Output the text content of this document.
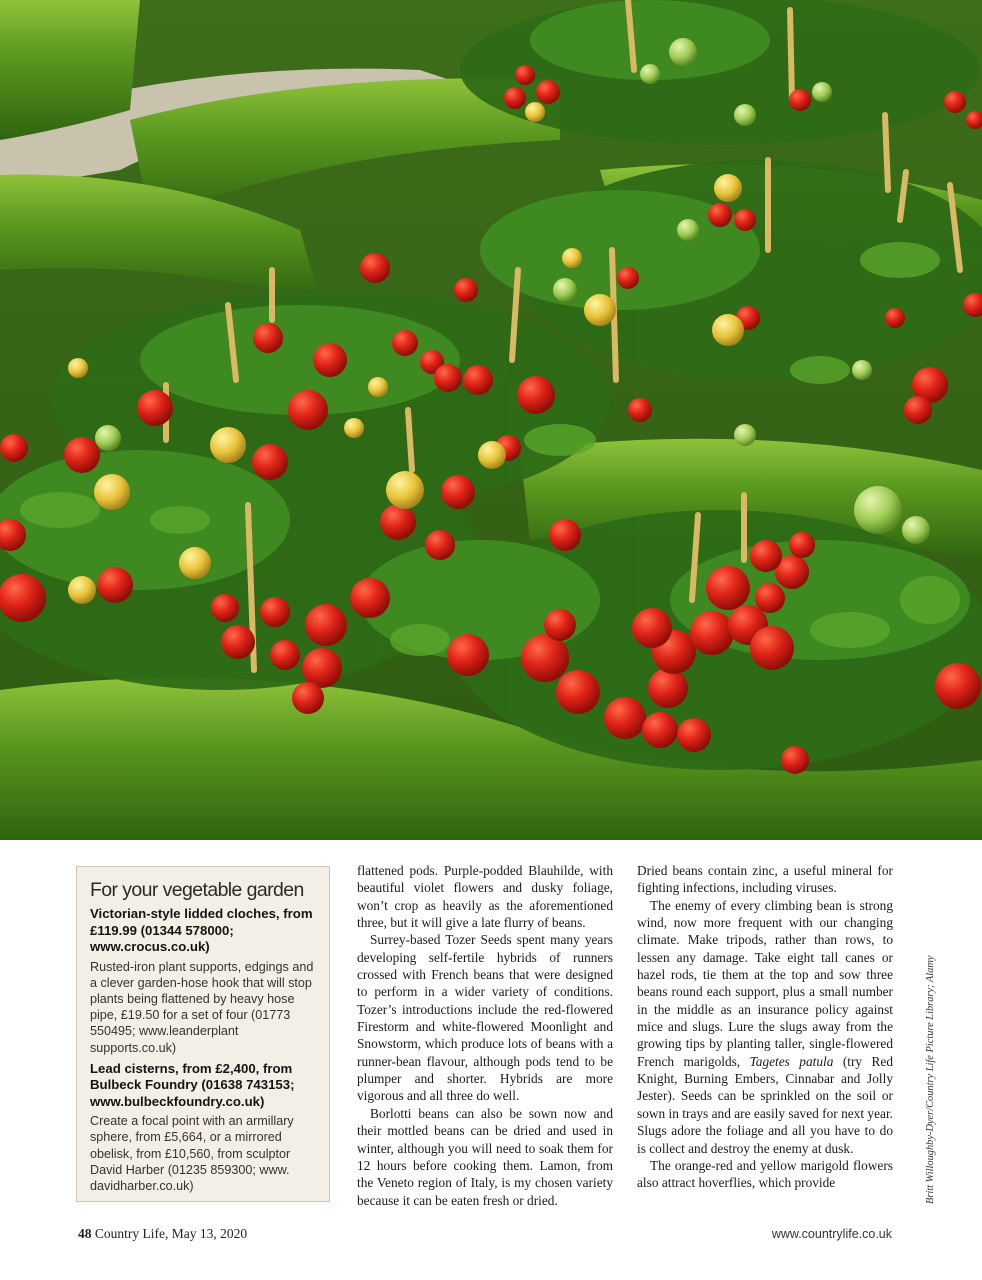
For your vegetable garden

Victorian-style lidded cloches, from £119.99 (01344 578000; www.crocus.co.uk)

Rusted-iron plant supports, edgings and a clever garden-hose hook that will stop plants being flattened by heavy hose pipe, £19.50 for a set of four (01773 550495; www.leanderplant supports.co.uk)

Lead cisterns, from £2,400, from Bulbeck Foundry (01638 743153; www.bulbeckfoundry.co.uk)

Create a focal point with an armillary sphere, from £5,664, or a mirrored obelisk, from £10,560, from sculptor David Harber (01235 859300; www. davidharber.co.uk)

flattened pods. Purple-podded Blauhilde, with beautiful violet flowers and dusky foliage, won’t crop as heavily as the aforementioned three, but it will give a late flurry of beans.

Surrey-based Tozer Seeds spent many years developing self-fertile hybrids of runners crossed with French beans that were designed to perform in a wider variety of conditions. Tozer’s introductions include the red-flowered Firestorm and white-flowered Moonlight and Snowstorm, which produce lots of beans with a runner-bean flavour, although pods tend to be plumper and shorter. Hybrids are more vigorous and all three do well.

Borlotti beans can also be sown now and their mottled beans can be dried and used in winter, although you will need to soak them for 12 hours before cooking them. Lamon, from the Veneto region of Italy, is my chosen variety because it can be eaten fresh or dried.

Dried beans contain zinc, a useful mineral for fighting infections, including viruses.

The enemy of every climbing bean is strong wind, now more frequent with our changing climate. Make tripods, rather than rows, to lessen any damage. Take eight tall canes or hazel rods, tie them at the top and sow three beans round each support, plus a small number in the middle as an insurance policy against mice and slugs. Lure the slugs away from the growing tips by planting taller, single-flowered French marigolds, Tagetes patula (try Red Knight, Burning Embers, Cinnabar and Jolly Jester). Seeds can be sprinkled on the soil or sown in trays and are easily saved for next year. Slugs adore the foliage and all you have to do is collect and destroy the enemy at dusk.

The orange-red and yellow marigold flowers also attract hoverflies, which provide	Britt Willoughby-Dyer/Country Life Picture Library; Alamy
48 Country Life, May 13, 2020	www.countrylife.co.uk
